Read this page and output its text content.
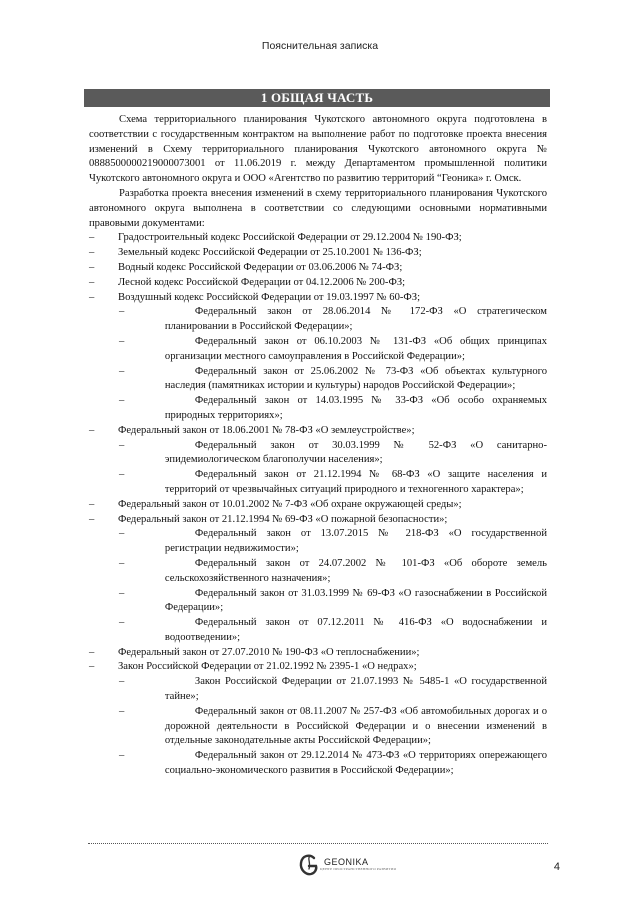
Пояснительная записка
1 ОБЩАЯ ЧАСТЬ

Схема территориального планирования Чукотского автономного округа подготовлена в соответствии с государственным контрактом на выполнение работ по подготовке проекта внесения изменений в Схему территориального планирования Чукотского автономного округа № 0888500000219000073001 от 11.06.2019 г. между Департаментом промышленной политики Чукотского автономного округа и ООО «Агентство по развитию территорий “Геоника» г. Омск.

Разработка проекта внесения изменений в схему территориального планирования Чукотского автономного округа выполнена в соответствии со следующими основными нормативными правовыми документами:

–	Градостроительный кодекс Российской Федерации от 29.12.2004 № 190-ФЗ;
–	Земельный кодекс Российской Федерации от 25.10.2001 № 136-ФЗ;
–	Водный кодекс Российской Федерации от 03.06.2006 № 74-ФЗ;
–	Лесной кодекс Российской Федерации от 04.12.2006 № 200-ФЗ;
–	Воздушный кодекс Российской Федерации от 19.03.1997 № 60-ФЗ;

–
	Федеральный закон от 28.06.2014 № 172-ФЗ «О стратегическом планировании в Российской Федерации»;

–
	Федеральный закон от 06.10.2003 № 131-ФЗ «Об общих принципах организации местного самоуправления в Российской Федерации»;

–
	Федеральный закон от 25.06.2002 № 73-ФЗ «Об объектах культурного наследия (памятниках истории и культуры) народов Российской Федерации»;

–
	Федеральный закон от 14.03.1995 № 33-ФЗ «Об особо охраняемых природных территориях»;

–	Федеральный закон от 18.06.2001 № 78-ФЗ «О землеустройстве»;

–
	Федеральный закон от 30.03.1999 № 52-ФЗ «О санитарно-эпидемиологическом благополучии населения»;

–
	Федеральный закон от 21.12.1994 № 68-ФЗ «О защите населения и территорий от чрезвычайных ситуаций природного и техногенного характера»;

–	Федеральный закон от 10.01.2002 № 7-ФЗ «Об охране окружающей среды»;
–	Федеральный закон от 21.12.1994 № 69-ФЗ «О пожарной безопасности»;

–
	Федеральный закон от 13.07.2015 № 218-ФЗ «О государственной регистрации недвижимости»;

–
	Федеральный закон от 24.07.2002 № 101-ФЗ «Об обороте земель сельскохозяйственного назначения»;

–
	Федеральный закон от 31.03.1999 № 69-ФЗ «О газоснабжении в Российской Федерации»;

–
	Федеральный закон от 07.12.2011 № 416-ФЗ «О водоснабжении и водоотведении»;

–	Федеральный закон от 27.07.2010 № 190-ФЗ «О теплоснабжении»;
–	Закон Российской Федерации от 21.02.1992 № 2395-1 «О недрах»;

–
	Закон Российской Федерации от 21.07.1993 № 5485-1 «О государственной тайне»;

–
	Федеральный закон от 08.11.2007 № 257-ФЗ «Об автомобильных дорогах и о дорожной деятельности в Российской Федерации и о внесении изменений в отдельные законодательные акты Российской Федерации»;

–
	Федеральный закон от 29.12.2014 № 473-ФЗ «О территориях опережающего социально-экономического развития в Российской Федерации»;

GEONIKA
ЦЕНТР ПРОСТРАНСТВЕННОГО РАЗВИТИЯ	4
